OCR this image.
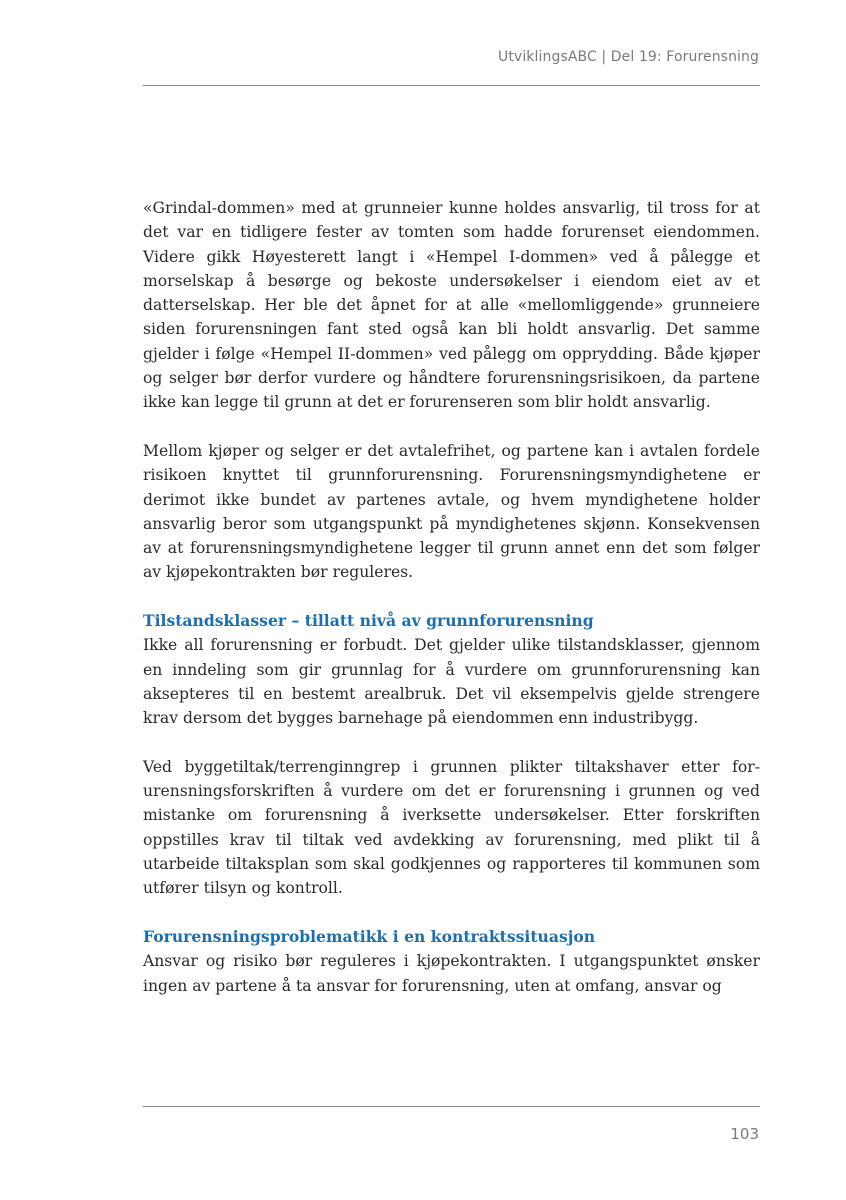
UtviklingsABC | Del 19: Forurensning

«Grindal-dommen» med at grunneier kunne holdes ansvarlig, til tross for at det var en tidligere fester av tomten som hadde forurenset eiendommen. Videre gikk Høyesterett langt i «Hempel I-dommen» ved å pålegge et morselskap å besørge og bekoste undersøkelser i eiendom eiet av et datterselskap. Her ble det åpnet for at alle «mellomliggende» grunneiere siden forurensningen fant sted også kan bli holdt ansvarlig. Det samme gjelder i følge «Hempel II-dommen» ved pålegg om opprydding. Både kjøper og selger bør derfor vurdere og håndtere forurensningsrisikoen, da partene ikke kan legge til grunn at det er forurenseren som blir holdt ansvarlig.

Mellom kjøper og selger er det avtalefrihet, og partene kan i avtalen fordele risikoen knyttet til grunnforurensning. Forurensningsmyndighetene er derimot ikke bundet av partenes avtale, og hvem myndighetene holder ansvarlig beror som utgangspunkt på myndighetenes skjønn. Konsekvensen av at forurensningsmyndighetene legger til grunn annet enn det som følger av kjøpekontrakten bør reguleres.

Tilstandsklasser – tillatt nivå av grunnforurensning

Ikke all forurensning er forbudt. Det gjelder ulike tilstandsklasser, gjennom en inndeling som gir grunnlag for å vurdere om grunnforurensning kan aksepteres til en bestemt arealbruk. Det vil eksempelvis gjelde strengere krav dersom det bygges barnehage på eiendommen enn industribygg.

Ved byggetiltak/terrenginngrep i grunnen plikter tiltakshaver etter forurensningsforskriften å vurdere om det er forurensning i grunnen og ved mistanke om forurensning å iverksette undersøkelser. Etter forskriften oppstilles krav til tiltak ved avdekking av forurensning, med plikt til å utarbeide tiltaksplan som skal godkjennes og rapporteres til kommunen som utfører tilsyn og kontroll.

Forurensningsproblematikk i en kontraktssituasjon

Ansvar og risiko bør reguleres i kjøpekontrakten. I utgangspunktet ønsker ingen av partene å ta ansvar for forurensning, uten at omfang, ansvar og

103
